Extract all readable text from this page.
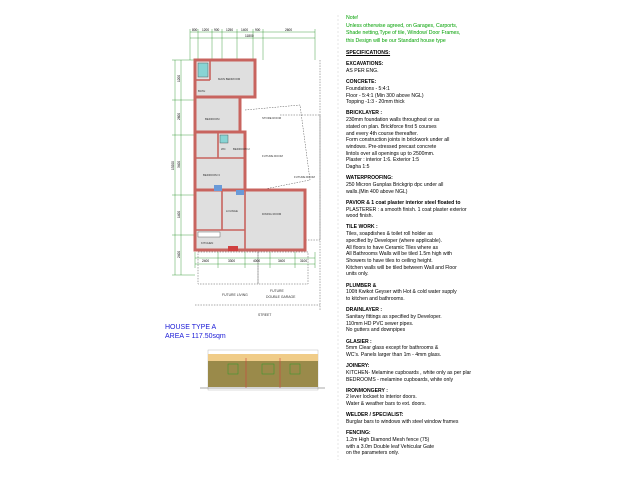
800 1200 900 1250 1400 900	2600
11800
1200
2600
3400
1400
2400
13200
MAIN BEDROOM
BATH
BEDROOM
WC	BEDROOM 2
BEDROOM 3
DINING ROOM
LOUNGE
KITCHEN
STORE ROOM
FUTURE ROOM
FUTURE ROOM
FUTURE LIVING
FUTURE
DOUBLE GARAGE
STREET
2400	3300	4000	3400	3100
Note!
Unless otherwise agreed, on Garages, Carports,
Shade netting,Type of tile, Window/ Door Frames,
this Design will be our Standard house type
SPECIFICATIONS:
EXCAVATIONS:
AS PER ENG.
CONCRETE:
Foundations - 5:4:1
Floor - 5:4:1 (Min 300 above NGL)
Topping -1:3 - 20mm thick
BRICKLAYER :
230mm foundation walls throughout or as
stated on plan. Brickforce first 5 courses
and every 4th course thereafter.
Form construction joints in brickwork under all
windows. Pre-stressed precast concrete
lintols over all openings up to 2500mm.
Plaster : interior 1:6. Exterior 1:5
Dagha 1:5
WATERPROOFING:
250 Micron Gunplas Brickgrip dpc under all
walls.(Min 400 above NGL)
PAVIOR & 1 coat plaster interior steel floated to
PLASTERER : a smooth finish. 1 coat plaster exterior
wood finish.
TILE WORK :
Tiles, soapdishes & toilet roll holder as
specified by Developer (where applicable).
All floors to have Ceramic Tiles where as
All Bathrooms Walls will be tiled 1.5m high with
Showers to have tiles to ceiling height.
Kitchen walls will be tiled between Wall and Floor
units only.
PLUMBER &
100lt Kwikot Geyser with Hot & cold water supply
to kitchen and bathrooms.
DRAINLAYER :
Sanitary fittings as specified by Developer.
110mm HD PVC sewer pipes.
No gutters and downpipes
GLASIER :
5mm Clear glass except for bathrooms &
WC's. Panels larger than 1m - 4mm glass.
JOINERY:
KITCHEN- Melamine cupboards , white only as per plar
BEDROOMS - melamine cupboards, white only
IRONMONGERY :
2 lever lockset to interior doors.
Water & weather bars to ext. doors.
WELDER / SPECIALIST:
Burglar bars to windows with steel window frames
FENCING:
1.2m High Diamond Mesh fence (75)
with a 3.0m Double leaf Vehicular Gate
on the parameters only.
HOUSE TYPE A
AREA = 117.50sqm
